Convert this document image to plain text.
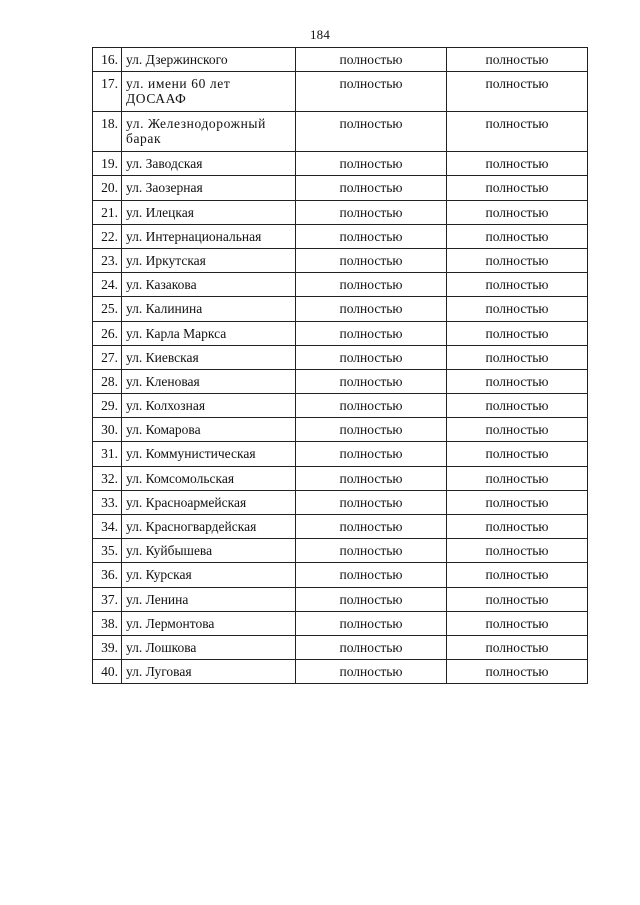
184
16.	ул. Дзержинского	полностью	полностью
17.	ул. имени 60 лет ДОСААФ	полностью	полностью
18.	ул. Железнодорожный барак	полностью	полностью
19.	ул. Заводская	полностью	полностью
20.	ул. Заозерная	полностью	полностью
21.	ул. Илецкая	полностью	полностью
22.	ул. Интернациональная	полностью	полностью
23.	ул. Иркутская	полностью	полностью
24.	ул. Казакова	полностью	полностью
25.	ул. Калинина	полностью	полностью
26.	ул. Карла Маркса	полностью	полностью
27.	ул. Киевская	полностью	полностью
28.	ул. Кленовая	полностью	полностью
29.	ул. Колхозная	полностью	полностью
30.	ул. Комарова	полностью	полностью
31.	ул. Коммунистическая	полностью	полностью
32.	ул. Комсомольская	полностью	полностью
33.	ул. Красноармейская	полностью	полностью
34.	ул. Красногвардейская	полностью	полностью
35.	ул. Куйбышева	полностью	полностью
36.	ул. Курская	полностью	полностью
37.	ул. Ленина	полностью	полностью
38.	ул. Лермонтова	полностью	полностью
39.	ул. Лошкова	полностью	полностью
40.	ул. Луговая	полностью	полностью
